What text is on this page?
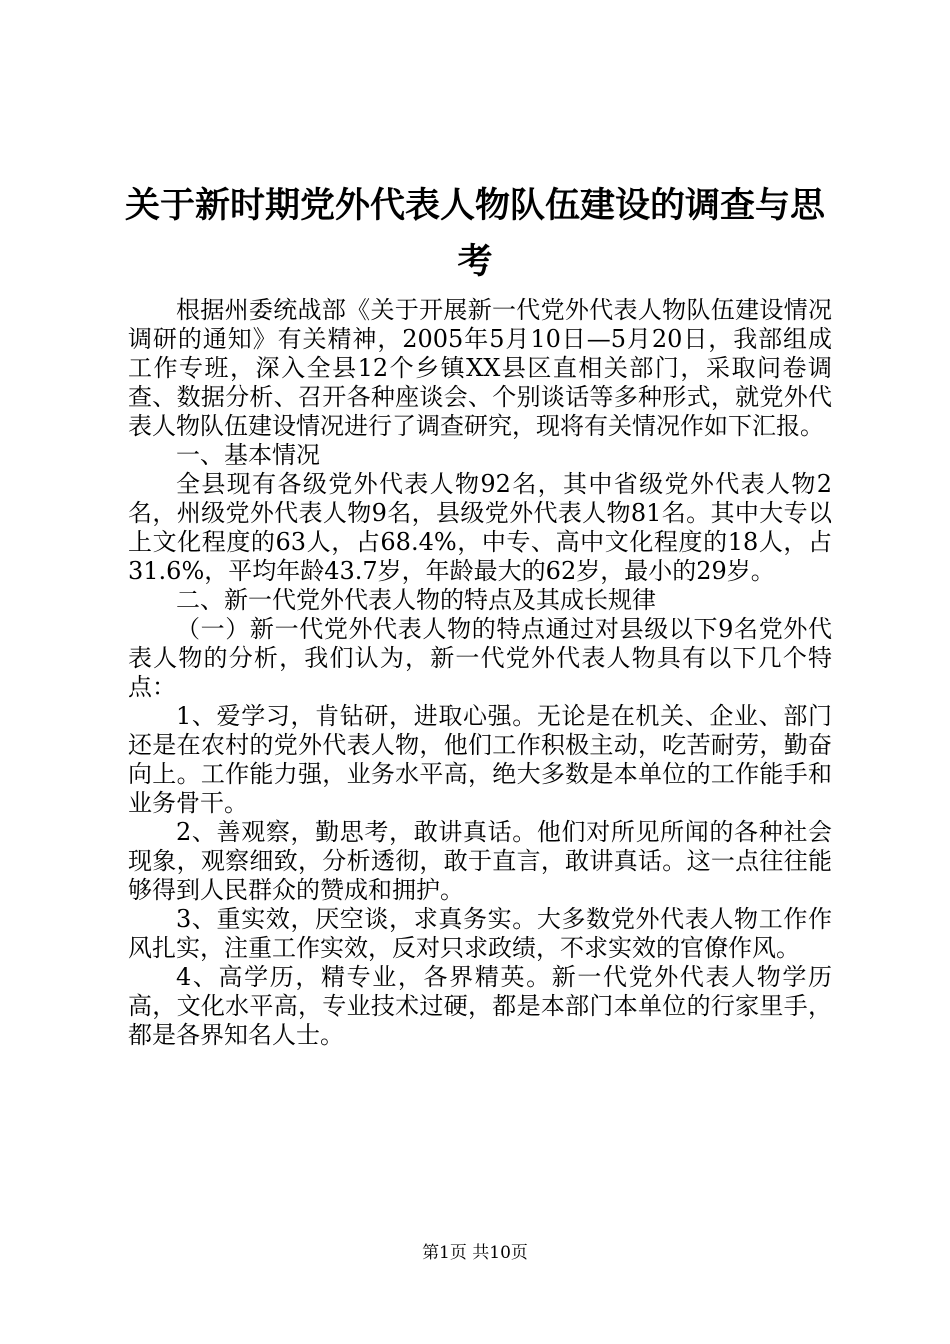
关于新时期党外代表人物队伍建设的调查与思考

根据州委统战部《关于开展新一代党外代表人物队伍建设情况调研的通知》有关精神，2005年5月10日—5月20日，我部组成工作专班，深入全县12个乡镇XX县区直相关部门，采取问卷调查、数据分析、召开各种座谈会、个别谈话等多种形式，就党外代表人物队伍建设情况进行了调查研究，现将有关情况作如下汇报。

一、基本情况

全县现有各级党外代表人物92名，其中省级党外代表人物2名，州级党外代表人物9名，县级党外代表人物81名。其中大专以上文化程度的63人，占68.4%，中专、高中文化程度的18人，占31.6%，平均年龄43.7岁，年龄最大的62岁，最小的29岁。

二、新一代党外代表人物的特点及其成长规律

（一）新一代党外代表人物的特点通过对县级以下9名党外代表人物的分析，我们认为，新一代党外代表人物具有以下几个特点：

1、爱学习，肯钻研，进取心强。无论是在机关、企业、部门还是在农村的党外代表人物，他们工作积极主动，吃苦耐劳，勤奋向上。工作能力强，业务水平高，绝大多数是本单位的工作能手和业务骨干。

2、善观察，勤思考，敢讲真话。他们对所见所闻的各种社会现象，观察细致，分析透彻，敢于直言，敢讲真话。这一点往往能够得到人民群众的赞成和拥护。

3、重实效，厌空谈，求真务实。大多数党外代表人物工作作风扎实，注重工作实效，反对只求政绩，不求实效的官僚作风。

4、高学历，精专业，各界精英。新一代党外代表人物学历高，文化水平高，专业技术过硬，都是本部门本单位的行家里手，都是各界知名人士。

第1页 共10页
